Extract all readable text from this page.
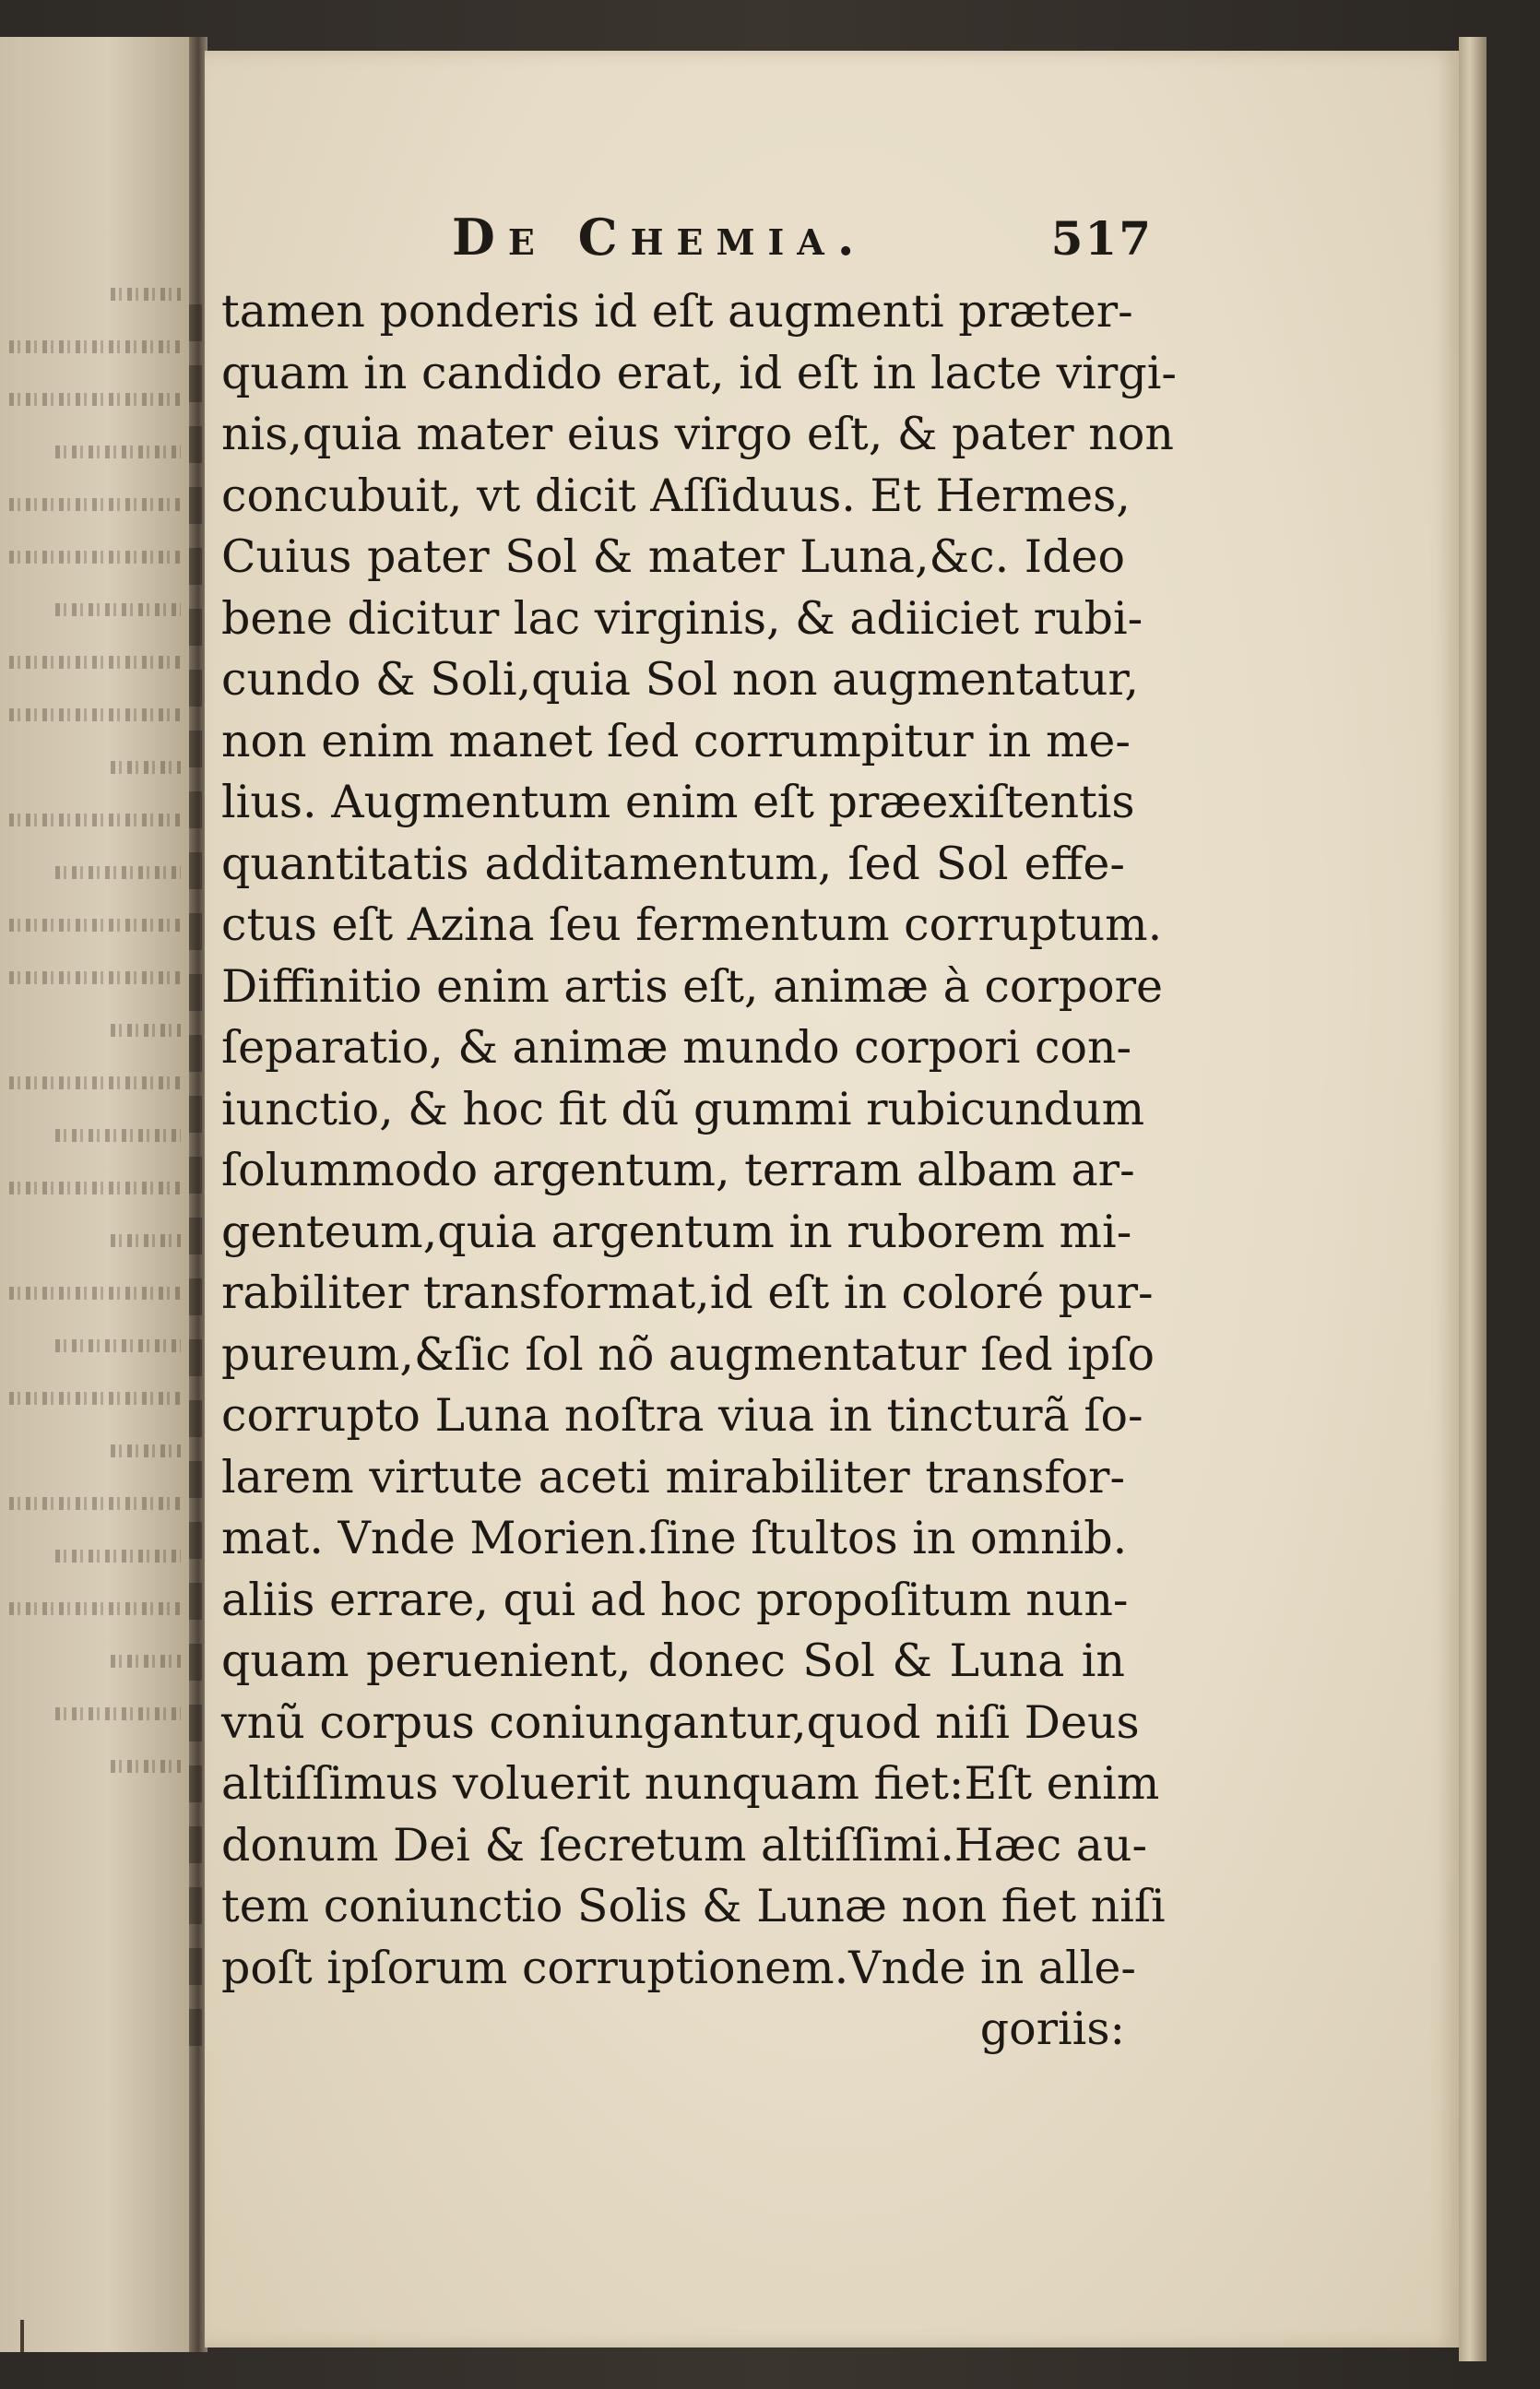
De Chemia.	517
tamen ponderis id eſt augmenti præter-
quam in candido erat, id eſt in lacte virgi-
nis,quia mater eius virgo eſt, & pater non
concubuit, vt dicit Aſſiduus. Et Hermes,
Cuius pater Sol & mater Luna,&c. Ideo
bene dicitur lac virginis, & adiiciet rubi-
cundo & Soli,quia Sol non augmentatur,
non enim manet ſed corrumpitur in me-
lius. Augmentum enim eſt præexiſtentis
quantitatis additamentum, ſed Sol effe-
ctus eſt Azina ſeu fermentum corruptum.
Diffinitio enim artis eſt, animæ à corpore
ſeparatio, & animæ mundo corpori con-
iunctio, & hoc fit dũ gummi rubicundum
ſolummodo argentum, terram albam ar-
genteum,quia argentum in ruborem mi-
rabiliter transformat,id eſt in coloré pur-
pureum,&ſic ſol nõ augmentatur ſed ipſo
corrupto Luna noſtra viua in tincturã ſo-
larem virtute aceti mirabiliter transfor-
mat. Vnde Morien.ſine ſtultos in omnib.
aliis errare, qui ad hoc propoſitum nun-
quam peruenient, donec Sol & Luna in
vnũ corpus coniungantur,quod niſi Deus
altiſſimus voluerit nunquam fiet:Eſt enim
donum Dei & ſecretum altiſſimi.Hæc au-
tem coniunctio Solis & Lunæ non fiet niſi
poſt ipſorum corruptionem.Vnde in alle-
goriis:
